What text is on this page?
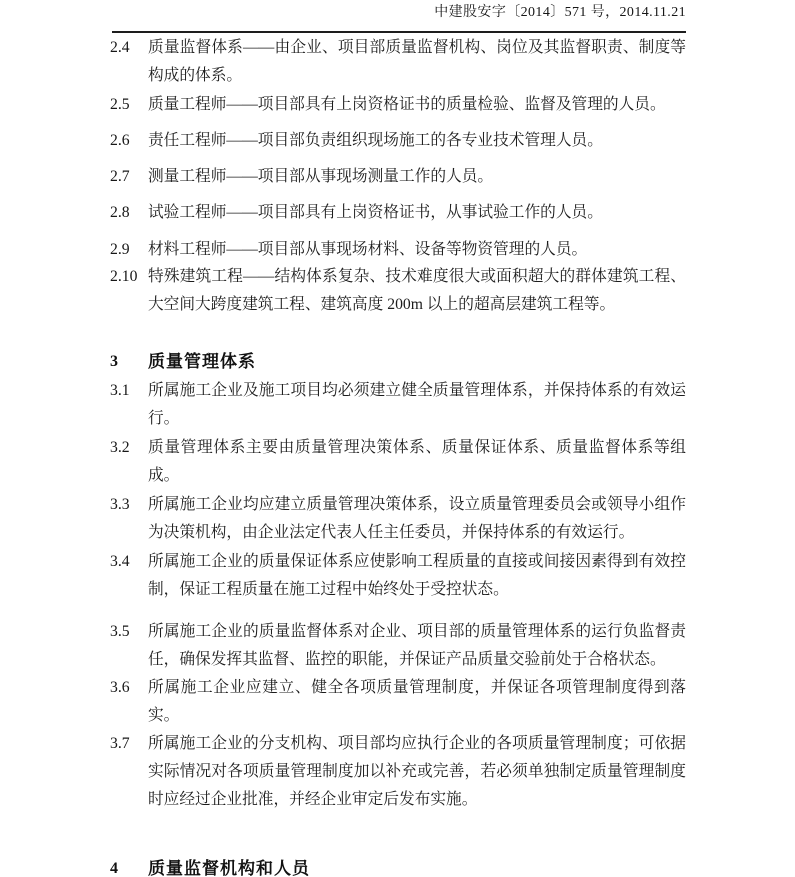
中建股安字〔2014〕571 号，2014.11.21
2.4	质量监督体系——由企业、项目部质量监督机构、岗位及其监督职责、制度等构成的体系。
2.5	质量工程师——项目部具有上岗资格证书的质量检验、监督及管理的人员。
2.6	责任工程师——项目部负责组织现场施工的各专业技术管理人员。
2.7	测量工程师——项目部从事现场测量工作的人员。
2.8	试验工程师——项目部具有上岗资格证书，从事试验工作的人员。
2.9	材料工程师——项目部从事现场材料、设备等物资管理的人员。
2.10 特殊建筑工程——结构体系复杂、技术难度很大或面积超大的群体建筑工程、大空间大跨度建筑工程、建筑高度 200m 以上的超高层建筑工程等。
3	质量管理体系
3.1	所属施工企业及施工项目均必须建立健全质量管理体系，并保持体系的有效运行。
3.2	质量管理体系主要由质量管理决策体系、质量保证体系、质量监督体系等组成。
3.3	所属施工企业均应建立质量管理决策体系，设立质量管理委员会或领导小组作为决策机构，由企业法定代表人任主任委员，并保持体系的有效运行。
3.4	所属施工企业的质量保证体系应使影响工程质量的直接或间接因素得到有效控制，保证工程质量在施工过程中始终处于受控状态。
3.5	所属施工企业的质量监督体系对企业、项目部的质量管理体系的运行负监督责任，确保发挥其监督、监控的职能，并保证产品质量交验前处于合格状态。
3.6	所属施工企业应建立、健全各项质量管理制度，并保证各项管理制度得到落实。
3.7	所属施工企业的分支机构、项目部均应执行企业的各项质量管理制度；可依据实际情况对各项质量管理制度加以补充或完善，若必须单独制定质量管理制度时应经过企业批准，并经企业审定后发布实施。
4	质量监督机构和人员
